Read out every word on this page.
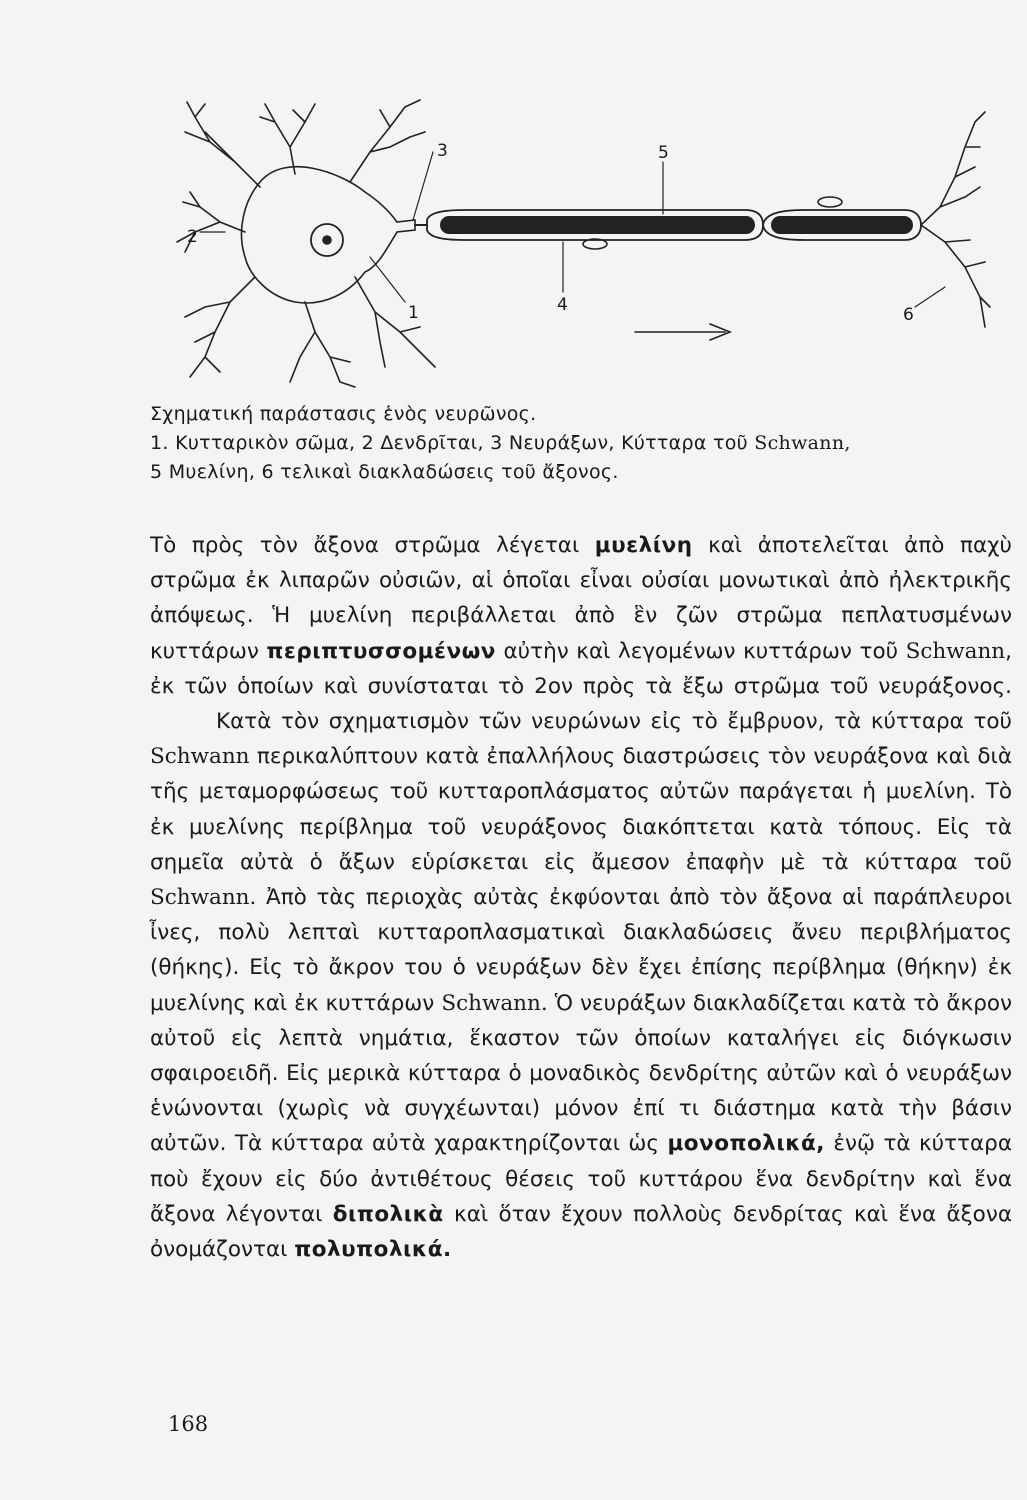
3	5
2
1	4	6
Σχηματική παράστασις ἑνὸς νευρῶνος.
1. Κυτταρικὸν σῶμα, 2 Δενδρῖται, 3 Νευράξων, Κύτταρα τοῦ Schwann,
5 Μυελίνη, 6 τελικαὶ διακλαδώσεις τοῦ ἄξονος.

Τὸ πρὸς τὸν ἄξονα στρῶμα λέγεται μυελίνη καὶ ἀποτελεῖται ἀπὸ παχὺ στρῶμα ἐκ λιπαρῶν οὐσιῶν, αἱ ὁποῖαι εἶναι οὐσίαι μονωτικαὶ ἀπὸ ἠλεκτρικῆς ἀπόψεως. Ἡ μυελίνη περιβάλλεται ἀπὸ ἓν ζῶν στρῶμα πεπλατυσμένων κυττάρων περιπτυσσομένων αὐτὴν καὶ λεγομένων κυττάρων τοῦ Schwann, ἐκ τῶν ὁποίων καὶ συνίσταται τὸ 2ον πρὸς τὰ ἔξω στρῶμα τοῦ νευράξονος.

Κατὰ τὸν σχηματισμὸν τῶν νευρώνων εἰς τὸ ἔμβρυον, τὰ κύτταρα τοῦ Schwann περικαλύπτουν κατὰ ἐπαλλήλους διαστρώσεις τὸν νευράξονα καὶ διὰ τῆς μεταμορφώσεως τοῦ κυτταροπλάσματος αὐτῶν παράγεται ἡ μυελίνη. Τὸ ἐκ μυελίνης περίβλημα τοῦ νευράξονος διακόπτεται κατὰ τόπους. Εἰς τὰ σημεῖα αὐτὰ ὁ ἄξων εὑρίσκεται εἰς ἄμεσον ἐπαφὴν μὲ τὰ κύτταρα τοῦ Schwann. Ἀπὸ τὰς περιοχὰς αὐτὰς ἐκφύονται ἀπὸ τὸν ἄξονα αἱ παράπλευροι ἶνες, πολὺ λεπταὶ κυτταροπλασματικαὶ διακλαδώσεις ἄνευ περιβλήματος (θήκης). Εἰς τὸ ἄκρον του ὁ νευράξων δὲν ἔχει ἐπίσης περίβλημα (θήκην) ἐκ μυελίνης καὶ ἐκ κυττάρων Schwann. Ὁ νευράξων διακλαδίζεται κατὰ τὸ ἄκρον αὐτοῦ εἰς λεπτὰ νημάτια, ἕκαστον τῶν ὁποίων καταλήγει εἰς διόγκωσιν σφαιροειδῆ. Εἰς μερικὰ κύτταρα ὁ μοναδικὸς δενδρίτης αὐτῶν καὶ ὁ νευράξων ἑνώνονται (χωρὶς νὰ συγχέωνται) μόνον ἐπί τι διάστημα κατὰ τὴν βάσιν αὐτῶν. Τὰ κύτταρα αὐτὰ χαρακτηρίζονται ὡς μονοπολικά, ἐνῷ τὰ κύτταρα ποὺ ἔχουν εἰς δύο ἀντιθέτους θέσεις τοῦ κυττάρου ἕνα δενδρίτην καὶ ἕνα ἄξονα λέγονται διπολικὰ καὶ ὅταν ἔχουν πολλοὺς δενδρίτας καὶ ἕνα ἄξονα ὀνομάζονται πολυπολικά.

168
